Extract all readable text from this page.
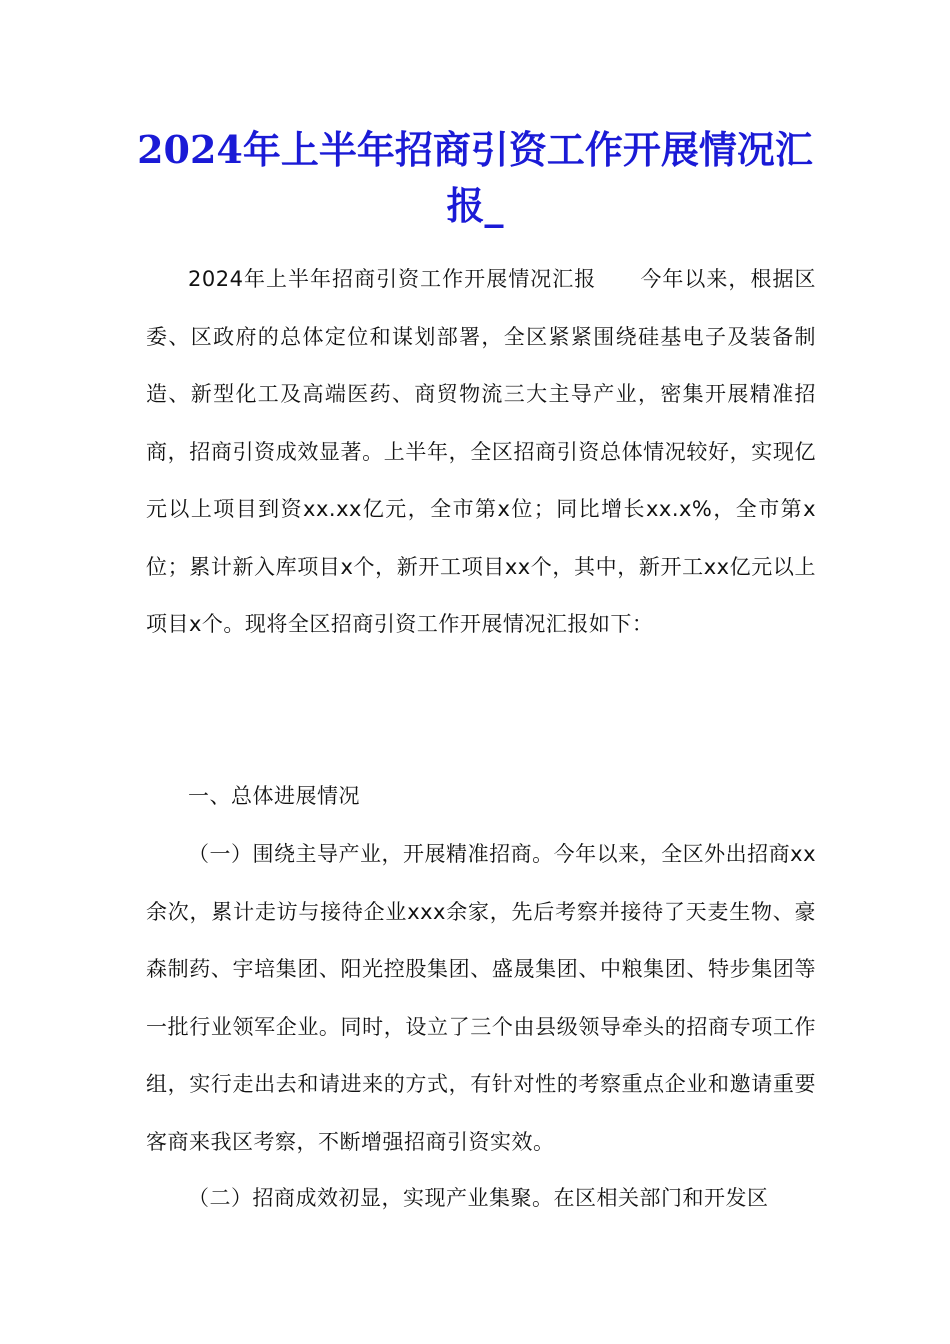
2024年上半年招商引资工作开展情况汇报_
2024年上半年招商引资工作开展情况汇报　　今年以来，根据区委、区政府的总体定位和谋划部署，全区紧紧围绕硅基电子及装备制造、新型化工及高端医药、商贸物流三大主导产业，密集开展精准招商，招商引资成效显著。上半年，全区招商引资总体情况较好，实现亿元以上项目到资xx.xx亿元，全市第x位；同比增长xx.x%，全市第x位；累计新入库项目x个，新开工项目xx个，其中，新开工xx亿元以上项目x个。现将全区招商引资工作开展情况汇报如下：
一、总体进展情况
（一）围绕主导产业，开展精准招商。今年以来，全区外出招商xx余次，累计走访与接待企业xxx余家，先后考察并接待了天麦生物、豪森制药、宇培集团、阳光控股集团、盛晟集团、中粮集团、特步集团等一批行业领军企业。同时，设立了三个由县级领导牵头的招商专项工作组，实行走出去和请进来的方式，有针对性的考察重点企业和邀请重要客商来我区考察，不断增强招商引资实效。
（二）招商成效初显，实现产业集聚。在区相关部门和开发区
